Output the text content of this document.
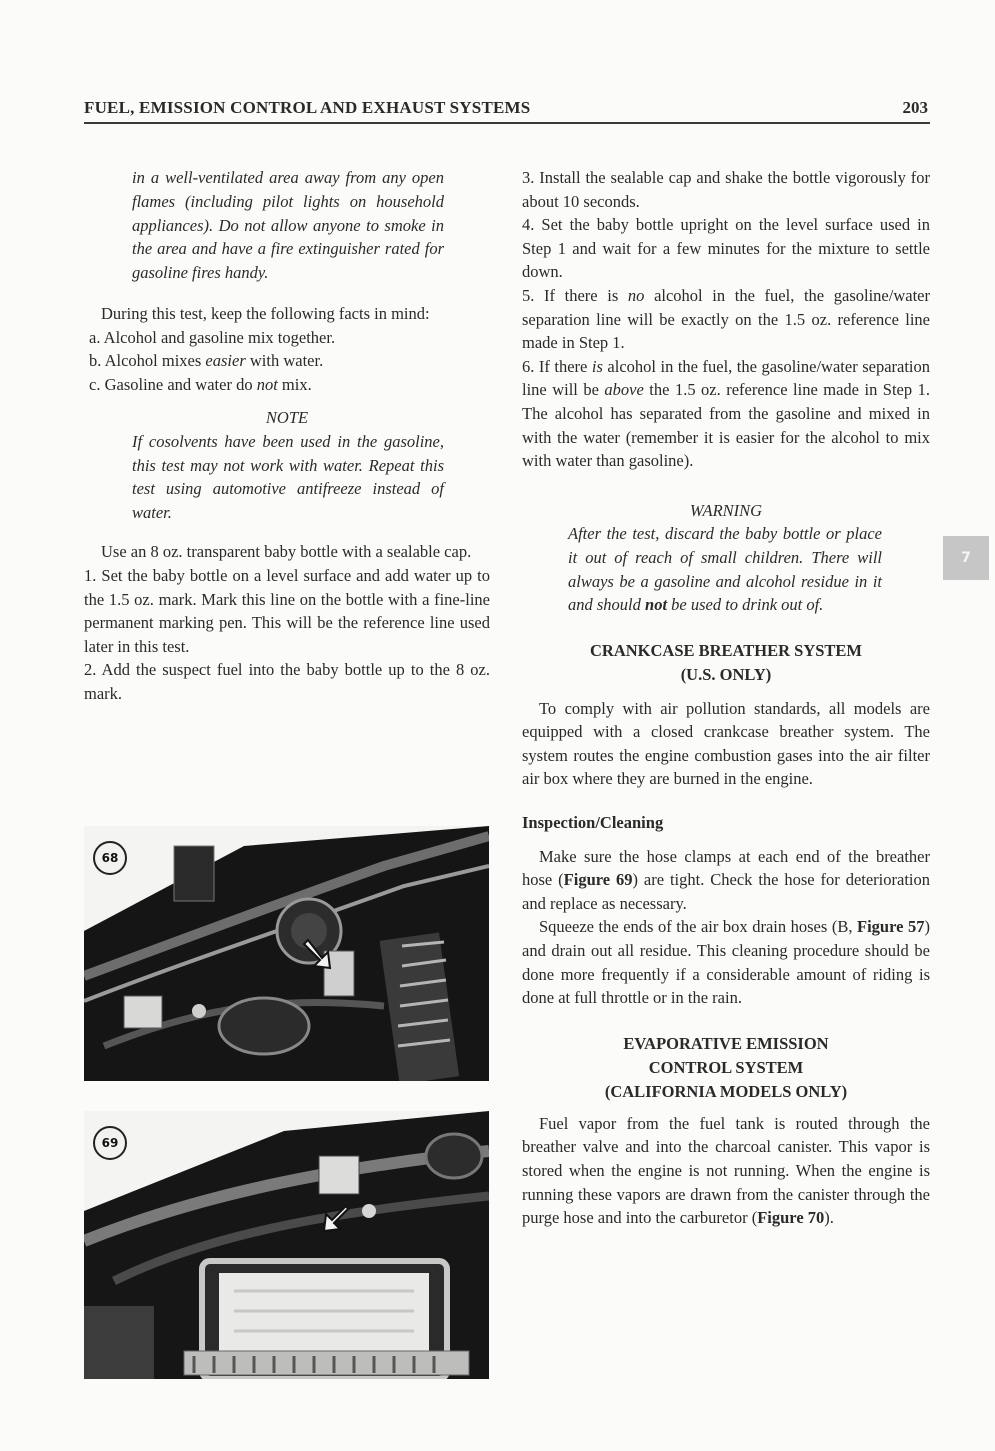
FUEL, EMISSION CONTROL AND EXHAUST SYSTEMS	203
7

in a well-ventilated area away from any open flames (including pilot lights on household appliances). Do not allow anyone to smoke in the area and have a fire extinguisher rated for gasoline fires handy.

During this test, keep the following facts in mind:

a. Alcohol and gasoline mix together.

b. Alcohol mixes easier with water.

c. Gasoline and water do not mix.

NOTE

If cosolvents have been used in the gasoline, this test may not work with water. Repeat this test using automotive antifreeze instead of water.

Use an 8 oz. transparent baby bottle with a sealable cap.

1. Set the baby bottle on a level surface and add water up to the 1.5 oz. mark. Mark this line on the bottle with a fine-line permanent marking pen. This will be the reference line used later in this test.

2. Add the suspect fuel into the baby bottle up to the 8 oz. mark.

68
69

3. Install the sealable cap and shake the bottle vigorously for about 10 seconds.

4. Set the baby bottle upright on the level surface used in Step 1 and wait for a few minutes for the mixture to settle down.

5. If there is no alcohol in the fuel, the gasoline/water separation line will be exactly on the 1.5 oz. reference line made in Step 1.

6. If there is alcohol in the fuel, the gasoline/water separation line will be above the 1.5 oz. reference line made in Step 1. The alcohol has separated from the gasoline and mixed in with the water (remember it is easier for the alcohol to mix with water than gasoline).

WARNING

After the test, discard the baby bottle or place it out of reach of small children. There will always be a gasoline and alcohol residue in it and should not be used to drink out of.

CRANKCASE BREATHER SYSTEM
(U.S. ONLY)

To comply with air pollution standards, all models are equipped with a closed crankcase breather system. The system routes the engine combustion gases into the air filter air box where they are burned in the engine.

Inspection/Cleaning

Make sure the hose clamps at each end of the breather hose (Figure 69) are tight. Check the hose for deterioration and replace as necessary.

Squeeze the ends of the air box drain hoses (B, Figure 57) and drain out all residue. This cleaning procedure should be done more frequently if a considerable amount of riding is done at full throttle or in the rain.

EVAPORATIVE EMISSION
CONTROL SYSTEM
(CALIFORNIA MODELS ONLY)

Fuel vapor from the fuel tank is routed through the breather valve and into the charcoal canister. This vapor is stored when the engine is not running. When the engine is running these vapors are drawn from the canister through the purge hose and into the carburetor (Figure 70).
